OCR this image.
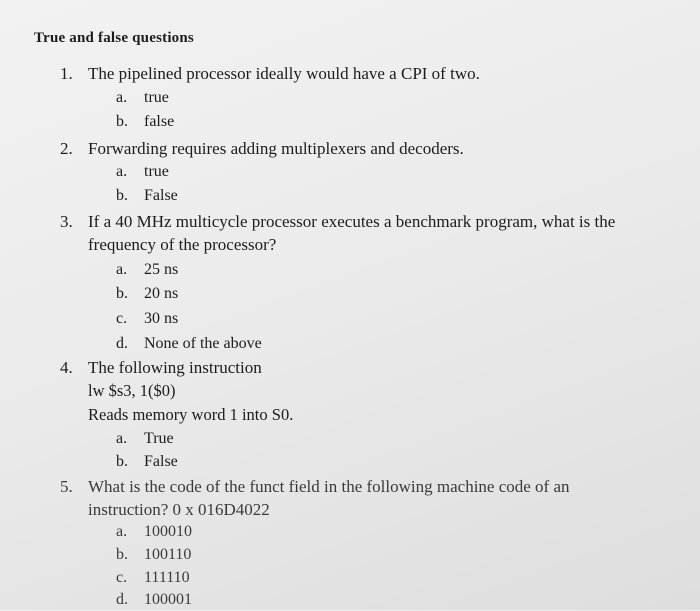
True and false questions
1. The pipelined processor ideally would have a CPI of two.
a.	true
b.	false
2. Forwarding requires adding multiplexers and decoders.
a.	true
b.	False
3. If a 40 MHz multicycle processor executes a benchmark program, what is the
frequency of the processor?
a.	25 ns
b.	20 ns
c.	30 ns
d.	None of the above
4. The following instruction
lw $s3, 1($0)
Reads memory word 1 into S0.
a.	True
b.	False
5. What is the code of the funct field in the following machine code of an
instruction? 0 x 016D4022
a.	100010
b.	100110
c.	111110
d.	100001
